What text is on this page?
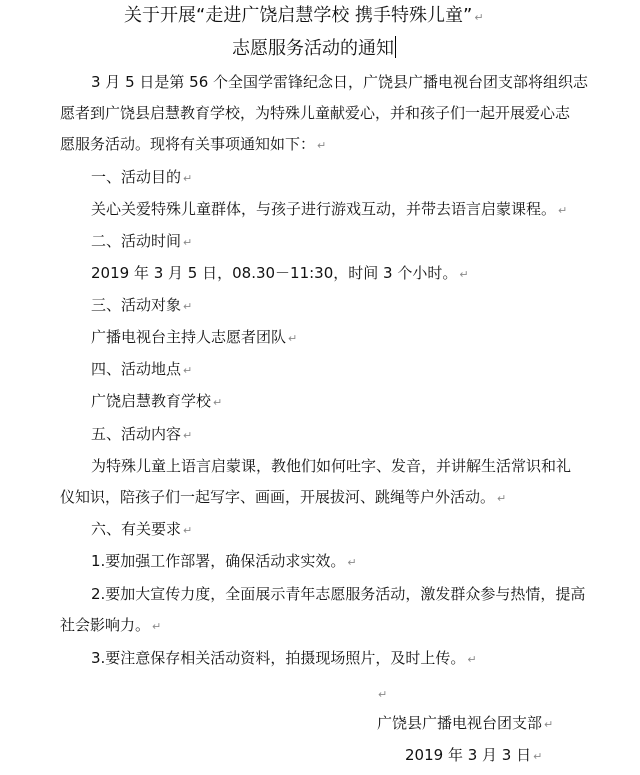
关于开展“走进广饶启慧学校 携手特殊儿童” ↵
志愿服务活动的通知
3 月 5 日是第 56 个全国学雷锋纪念日，广饶县广播电视台团支部将组织志
愿者到广饶县启慧教育学校，为特殊儿童献爱心，并和孩子们一起开展爱心志
愿服务活动。现将有关事项通知如下： ↵
一、活动目的 ↵
关心关爱特殊儿童群体，与孩子进行游戏互动，并带去语言启蒙课程。 ↵
二、活动时间 ↵
2019 年 3 月 5 日，08.30－11:30，时间 3 个小时。 ↵
三、活动对象 ↵
广播电视台主持人志愿者团队 ↵
四、活动地点 ↵
广饶启慧教育学校 ↵
五、活动内容 ↵
为特殊儿童上语言启蒙课，教他们如何吐字、发音，并讲解生活常识和礼
仪知识，陪孩子们一起写字、画画，开展拔河、跳绳等户外活动。 ↵
六、有关要求 ↵
1.要加强工作部署，确保活动求实效。 ↵
2.要加大宣传力度，全面展示青年志愿服务活动，激发群众参与热情，提高
社会影响力。 ↵
3.要注意保存相关活动资料，拍摄现场照片，及时上传。 ↵
↵
广饶县广播电视台团支部 ↵
2019 年 3 月 3 日 ↵
